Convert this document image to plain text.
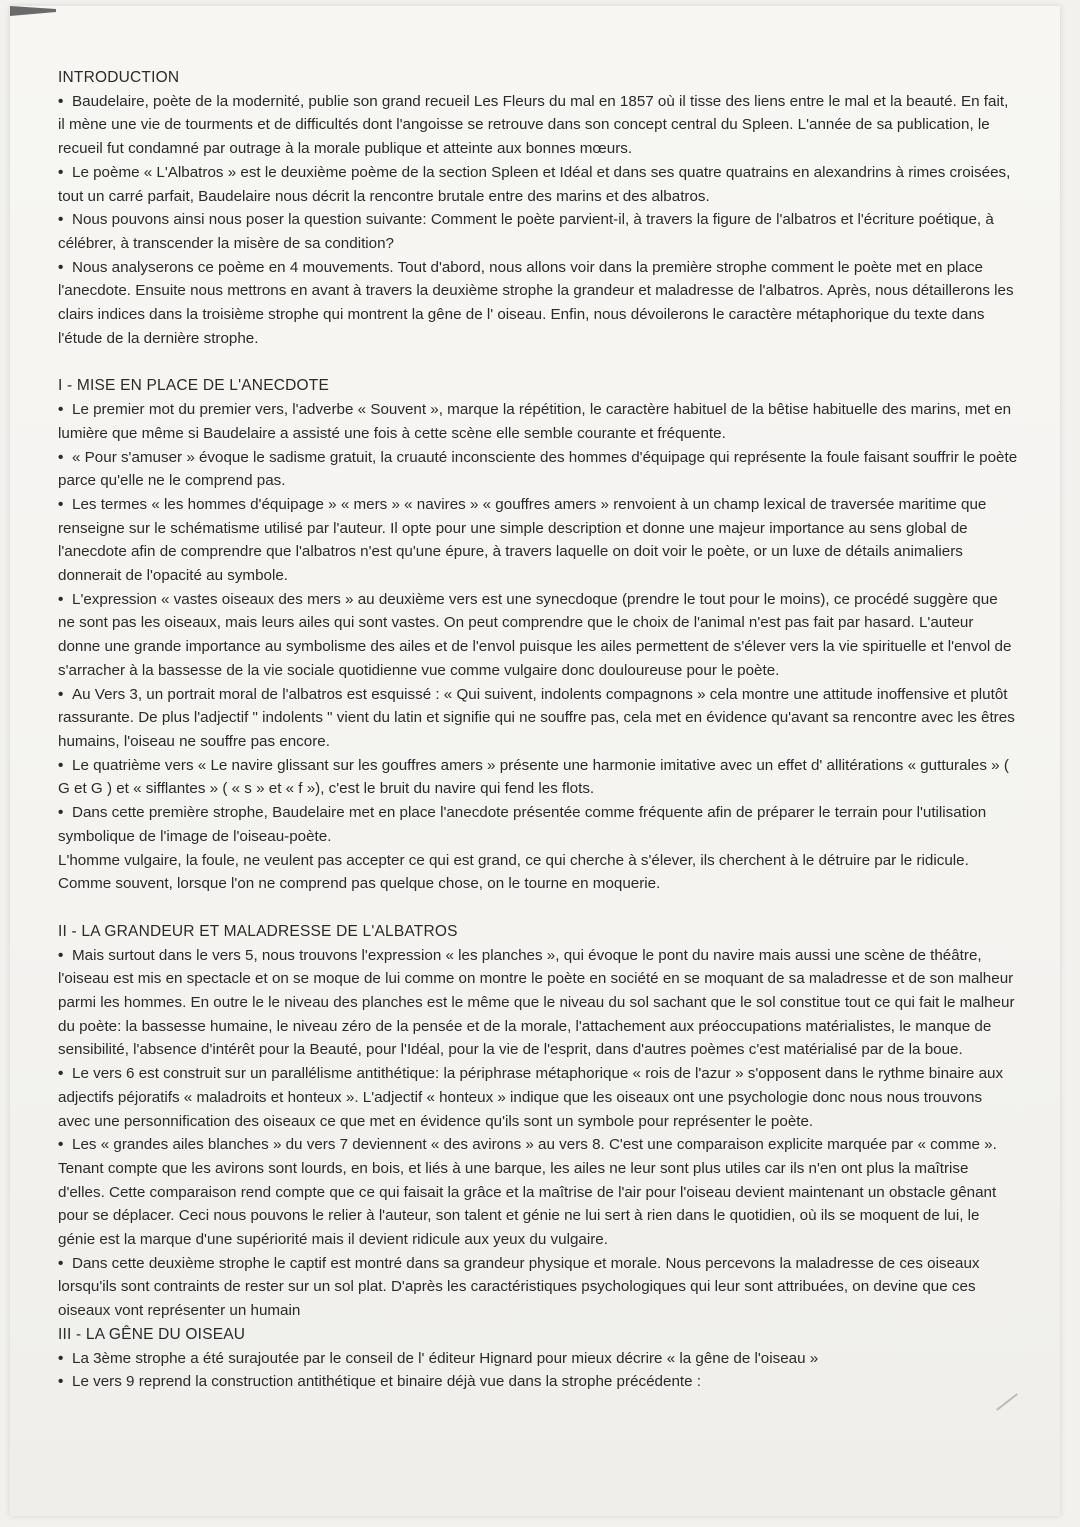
INTRODUCTION

• Baudelaire, poète de la modernité, publie son grand recueil Les Fleurs du mal en 1857 où il tisse des liens entre le mal et la beauté. En fait, il mène une vie de tourments et de difficultés dont l'angoisse se retrouve dans son concept central du Spleen. L'année de sa publication, le recueil fut condamné par outrage à la morale publique et atteinte aux bonnes mœurs.

• Le poème « L'Albatros » est le deuxième poème de la section Spleen et Idéal et dans ses quatre quatrains en alexandrins à rimes croisées, tout un carré parfait, Baudelaire nous décrit la rencontre brutale entre des marins et des albatros.

• Nous pouvons ainsi nous poser la question suivante: Comment le poète parvient-il, à travers la figure de l'albatros et l'écriture poétique, à célébrer, à transcender la misère de sa condition?

• Nous analyserons ce poème en 4 mouvements. Tout d'abord, nous allons voir dans la première strophe comment le poète met en place l'anecdote. Ensuite nous mettrons en avant à travers la deuxième strophe la grandeur et maladresse de l'albatros. Après, nous détaillerons les clairs indices dans la troisième strophe qui montrent la gêne de l' oiseau. Enfin, nous dévoilerons le caractère métaphorique du texte dans l'étude de la dernière strophe.

I - MISE EN PLACE DE L'ANECDOTE

• Le premier mot du premier vers, l'adverbe « Souvent », marque la répétition, le caractère habituel de la bêtise habituelle des marins, met en lumière que même si Baudelaire a assisté une fois à cette scène elle semble courante et fréquente.

• « Pour s'amuser » évoque le sadisme gratuit, la cruauté inconsciente des hommes d'équipage qui représente la foule faisant souffrir le poète parce qu'elle ne le comprend pas.

• Les termes « les hommes d'équipage » « mers » « navires » « gouffres amers » renvoient à un champ lexical de traversée maritime que renseigne sur le schématisme utilisé par l'auteur. Il opte pour une simple description et donne une majeur importance au sens global de l'anecdote afin de comprendre que l'albatros n'est qu'une épure, à travers laquelle on doit voir le poète, or un luxe de détails animaliers donnerait de l'opacité au symbole.

• L'expression « vastes oiseaux des mers » au deuxième vers est une synecdoque (prendre le tout pour le moins), ce procédé suggère que ne sont pas les oiseaux, mais leurs ailes qui sont vastes. On peut comprendre que le choix de l'animal n'est pas fait par hasard. L'auteur donne une grande importance au symbolisme des ailes et de l'envol puisque les ailes permettent de s'élever vers la vie spirituelle et l'envol de s'arracher à la bassesse de la vie sociale quotidienne vue comme vulgaire donc douloureuse pour le poète.

• Au Vers 3, un portrait moral de l'albatros est esquissé : « Qui suivent, indolents compagnons » cela montre une attitude inoffensive et plutôt rassurante. De plus l'adjectif " indolents " vient du latin et signifie qui ne souffre pas, cela met en évidence qu'avant sa rencontre avec les êtres humains, l'oiseau ne souffre pas encore.

• Le quatrième vers « Le navire glissant sur les gouffres amers » présente une harmonie imitative avec un effet d' allitérations « gutturales » ( G et G ) et « sifflantes » ( « s » et « f »), c'est le bruit du navire qui fend les flots.

• Dans cette première strophe, Baudelaire met en place l'anecdote présentée comme fréquente afin de préparer le terrain pour l'utilisation symbolique de l'image de l'oiseau-poète.

L'homme vulgaire, la foule, ne veulent pas accepter ce qui est grand, ce qui cherche à s'élever, ils cherchent à le détruire par le ridicule. Comme souvent, lorsque l'on ne comprend pas quelque chose, on le tourne en moquerie.

II - LA GRANDEUR ET MALADRESSE DE L'ALBATROS

• Mais surtout dans le vers 5, nous trouvons l'expression « les planches », qui évoque le pont du navire mais aussi une scène de théâtre, l'oiseau est mis en spectacle et on se moque de lui comme on montre le poète en société en se moquant de sa maladresse et de son malheur parmi les hommes. En outre le le niveau des planches est le même que le niveau du sol sachant que le sol constitue tout ce qui fait le malheur du poète: la bassesse humaine, le niveau zéro de la pensée et de la morale, l'attachement aux préoccupations matérialistes, le manque de sensibilité, l'absence d'intérêt pour la Beauté, pour l'Idéal, pour la vie de l'esprit, dans d'autres poèmes c'est matérialisé par de la boue.

• Le vers 6 est construit sur un parallélisme antithétique: la périphrase métaphorique « rois de l'azur » s'opposent dans le rythme binaire aux adjectifs péjoratifs « maladroits et honteux ». L'adjectif « honteux » indique que les oiseaux ont une psychologie donc nous nous trouvons avec une personnification des oiseaux ce que met en évidence qu'ils sont un symbole pour représenter le poète.

• Les « grandes ailes blanches » du vers 7 deviennent « des avirons » au vers 8. C'est une comparaison explicite marquée par « comme ». Tenant compte que les avirons sont lourds, en bois, et liés à une barque, les ailes ne leur sont plus utiles car ils n'en ont plus la maîtrise d'elles. Cette comparaison rend compte que ce qui faisait la grâce et la maîtrise de l'air pour l'oiseau devient maintenant un obstacle gênant pour se déplacer. Ceci nous pouvons le relier à l'auteur, son talent et génie ne lui sert à rien dans le quotidien, où ils se moquent de lui, le génie est la marque d'une supériorité mais il devient ridicule aux yeux du vulgaire.

• Dans cette deuxième strophe le captif est montré dans sa grandeur physique et morale. Nous percevons la maladresse de ces oiseaux lorsqu'ils sont contraints de rester sur un sol plat. D'après les caractéristiques psychologiques qui leur sont attribuées, on devine que ces oiseaux vont représenter un humain

III - LA GÊNE DU OISEAU

• La 3ème strophe a été surajoutée par le conseil de l' éditeur Hignard pour mieux décrire « la gêne de l'oiseau »

• Le vers 9 reprend la construction antithétique et binaire déjà vue dans la strophe précédente :
